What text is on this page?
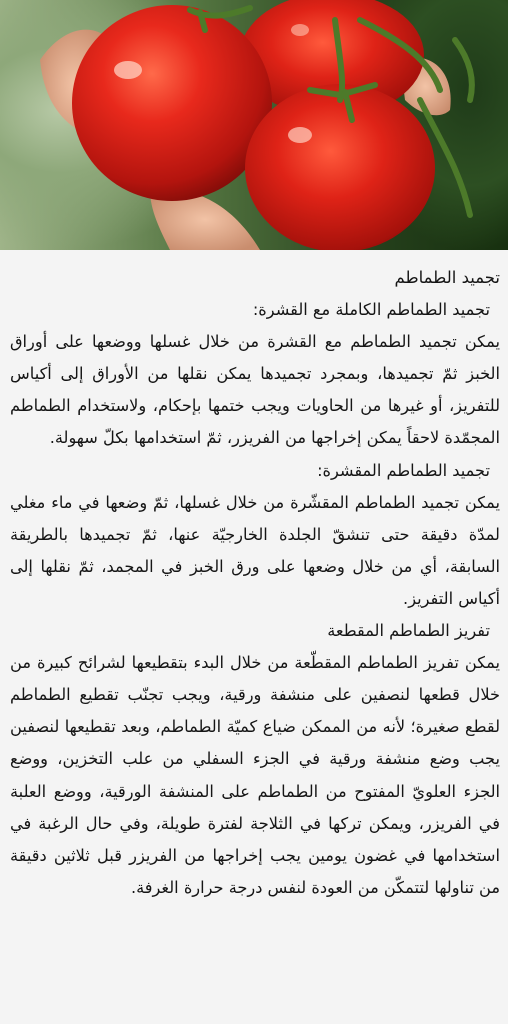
تجميد الطماطم

تجميد الطماطم الكاملة مع القشرة:

يمكن تجميد الطماطم مع القشرة من خلال غسلها ووضعها على أوراق الخبز ثمّ تجميدها، وبمجرد تجميدها يمكن نقلها من الأوراق إلى أكياس للتفريز، أو غيرها من الحاويات ويجب ختمها بإحكام، ولاستخدام الطماطم المجمّدة لاحقاً يمكن إخراجها من الفريزر، ثمّ استخدامها بكلّ سهولة.

تجميد الطماطم المقشرة:

يمكن تجميد الطماطم المقشّرة من خلال غسلها، ثمّ وضعها في ماء مغلي لمدّة دقيقة حتى تنشقّ الجلدة الخارجيّة عنها، ثمّ تجميدها بالطريقة السابقة، أي من خلال وضعها على ورق الخبز في المجمد، ثمّ نقلها إلى أكياس التفريز.

تفريز الطماطم المقطعة

يمكن تفريز الطماطم المقطّعة من خلال البدء بتقطيعها لشرائح كبيرة من خلال قطعها لنصفين على منشفة ورقية، ويجب تجنّب تقطيع الطماطم لقطع صغيرة؛ لأنه من الممكن ضياع كميّة الطماطم، وبعد تقطيعها لنصفين يجب وضع منشفة ورقية في الجزء السفلي من علب التخزين، ووضع الجزء العلويّ المفتوح من الطماطم على المنشفة الورقية، ووضع العلبة في الفريزر، ويمكن تركها في الثلاجة لفترة طويلة، وفي حال الرغبة في استخدامها في غضون يومين يجب إخراجها من الفريزر قبل ثلاثين دقيقة من تناولها لتتمكّن من العودة لنفس درجة حرارة الغرفة.
